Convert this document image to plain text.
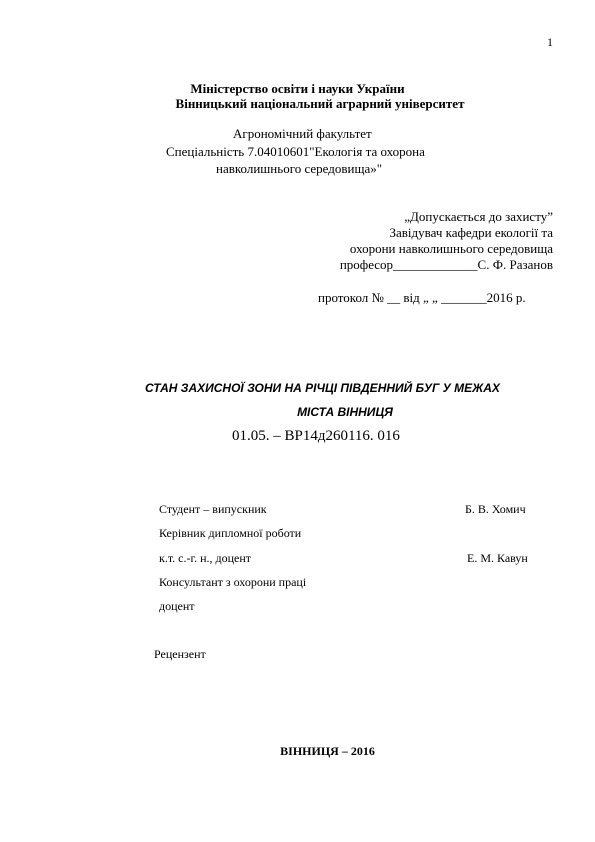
1
Міністерство освіти і науки України
Вінницький національний аграрний університет
Агрономічний факультет
Спеціальність 7.04010601"Екологія та охорона
навколишнього середовища»"
„Допускається до захисту”
Завідувач кафедри екології та
охорони навколишнього середовища
професор_____________С. Ф. Разанов
протокол № __ від „ „ _______2016 р.
СТАН ЗАХИСНОЇ ЗОНИ НА РІЧЦІ ПІВДЕННИЙ БУГ У МЕЖАХ
МІСТА ВІННИЦЯ
01.05. – ВР14д260116. 016
Студент – випускник	Б. В. Хомич
Керівник дипломної роботи
к.т. с.-г. н., доцент	Е. М. Кавун
Консультант з охорони праці
доцент
Рецензент
ВІННИЦЯ – 2016
